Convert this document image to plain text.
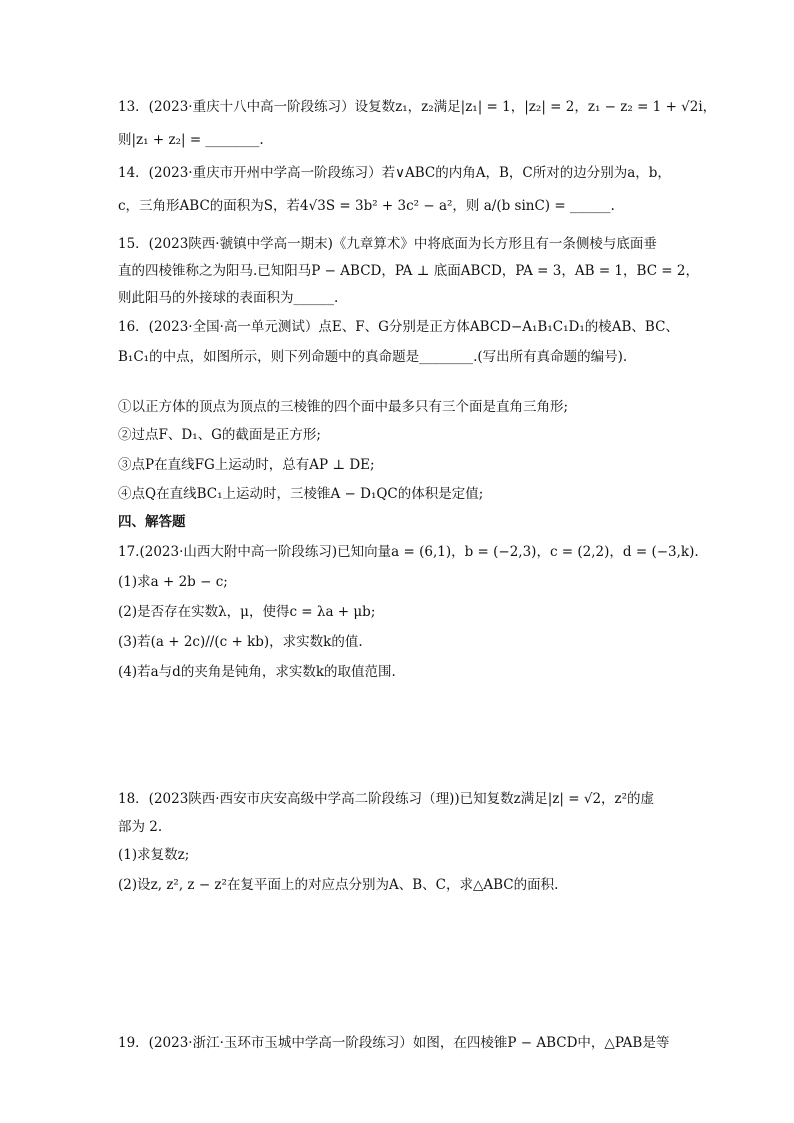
13．(2023·重庆十八中高一阶段练习）设复数z₁，z₂满足|z₁| = 1，|z₂| = 2，z₁ − z₂ = 1 + √2i，
则|z₁ + z₂| = ________.
14．(2023·重庆市开州中学高一阶段练习）若∨ABC的内角A，B，C所对的边分别为a，b，
c，三角形ABC的面积为S，若4√3S = 3b² + 3c² − a²，则 a/(b sinC) = ______.
15．(2023陕西·虢镇中学高一期末)《九章算术》中将底面为长方形且有一条侧棱与底面垂
直的四棱锥称之为阳马.已知阳马P − ABCD，PA ⊥ 底面ABCD，PA = 3，AB = 1，BC = 2，
则此阳马的外接球的表面积为______.
16．(2023·全国·高一单元测试）点E、F、G分别是正方体ABCD−A₁B₁C₁D₁的棱AB、BC、
B₁C₁的中点，如图所示，则下列命题中的真命题是________.(写出所有真命题的编号).
①以正方体的顶点为顶点的三棱锥的四个面中最多只有三个面是直角三角形;
②过点F、D₁、G的截面是正方形;
③点P在直线FG上运动时，总有AP ⊥ DE;
④点Q在直线BC₁上运动时，三棱锥A − D₁QC的体积是定值;
四、解答题
17.(2023·山西大附中高一阶段练习)已知向量a = (6,1)，b = (−2,3)，c = (2,2)，d = (−3,k).
(1)求a + 2b − c;
(2)是否存在实数λ，μ，使得c = λa + μb;
(3)若(a + 2c)//(c + kb)，求实数k的值.
(4)若a与d的夹角是钝角，求实数k的取值范围.
18．(2023陕西·西安市庆安高级中学高二阶段练习（理))已知复数z满足|z| = √2，z²的虚
部为 2.
(1)求复数z;
(2)设z, z², z − z²在复平面上的对应点分别为A、B、C，求△ABC的面积.
19．(2023·浙江·玉环市玉城中学高一阶段练习）如图，在四棱锥P − ABCD中，△PAB是等
